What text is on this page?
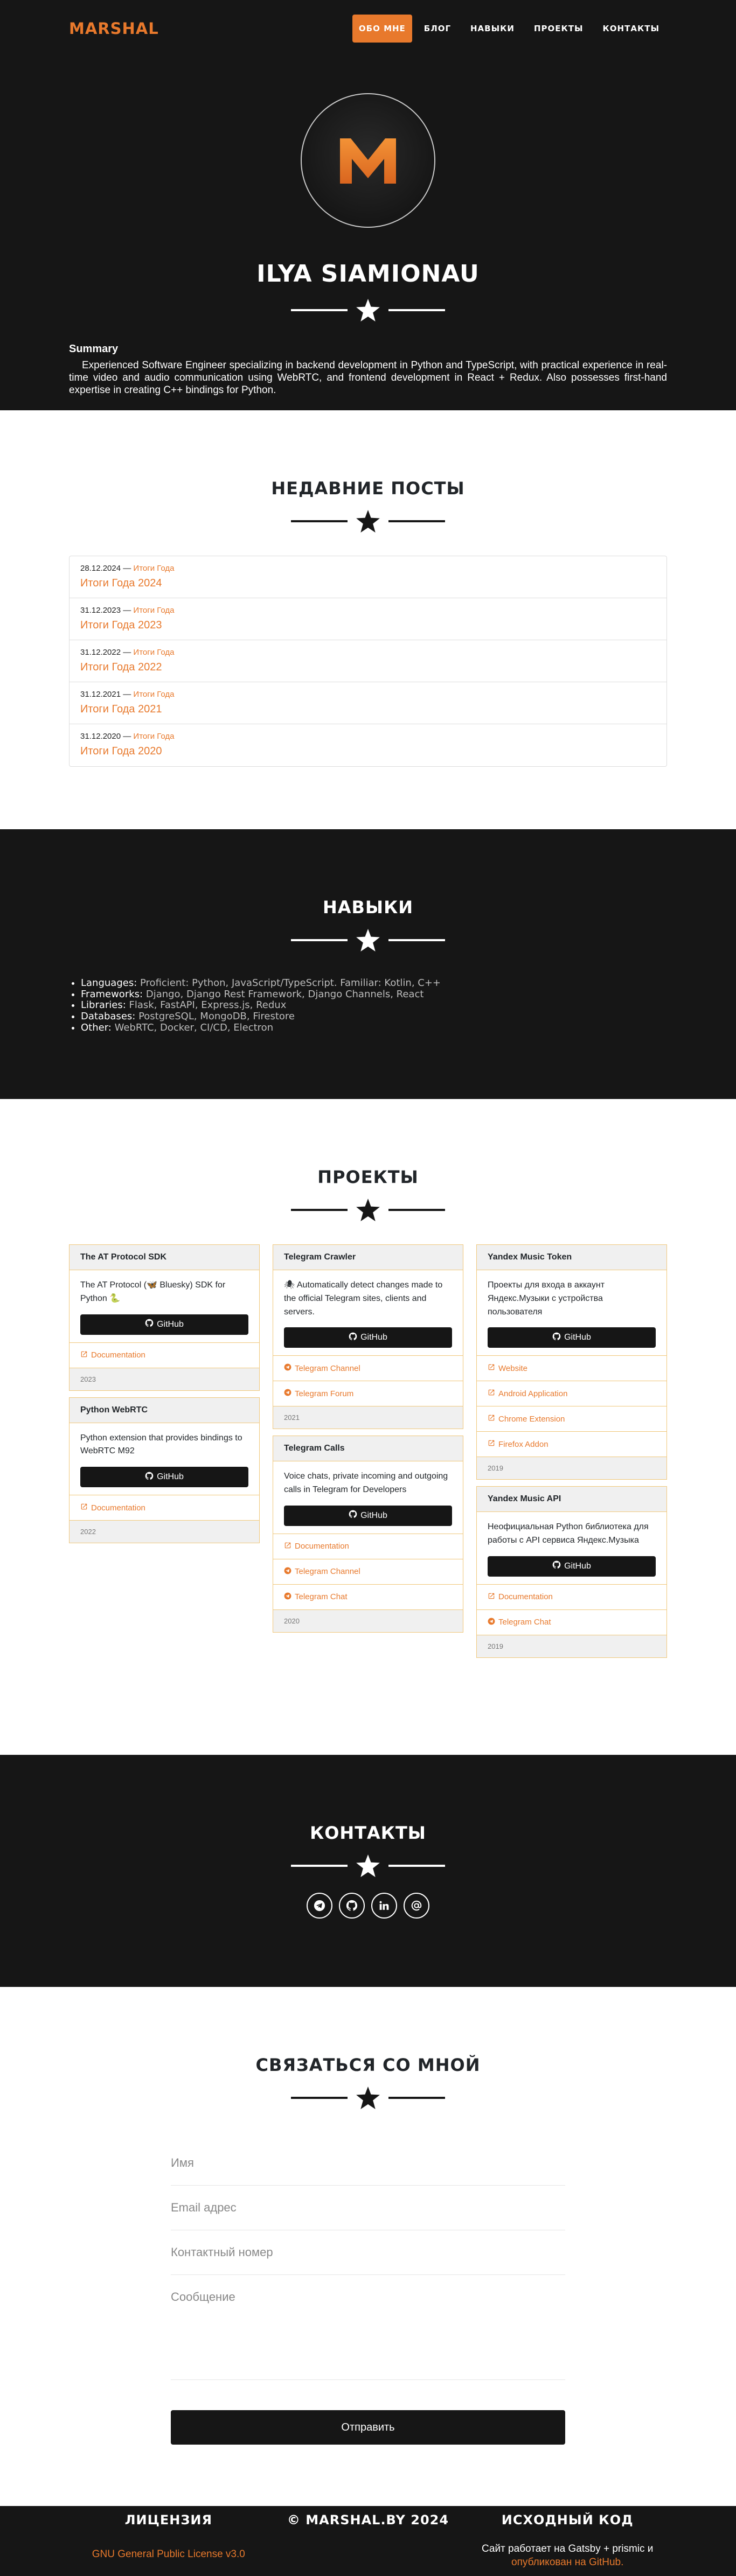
MARSHAL	ОБО МНЕ	БЛОГ	НАВЫКИ	ПРОЕКТЫ	КОНТАКТЫ
ILYA SIAMIONAU
Summary

Experienced Software Engineer specializing in backend development in Python and TypeScript, with practical experience in real-time video and audio communication using WebRTC, and frontend development in React + Redux. Also possesses first-hand expertise in creating C++ bindings for Python.

НЕДАВНИЕ ПОСТЫ
28.12.2024 — Итоги Года
Итоги Года 2024
31.12.2023 — Итоги Года
Итоги Года 2023
31.12.2022 — Итоги Года
Итоги Года 2022
31.12.2021 — Итоги Года
Итоги Года 2021
31.12.2020 — Итоги Года
Итоги Года 2020
НАВЫКИ
• Languages: Proficient: Python, JavaScript/TypeScript. Familiar: Kotlin, C++
• Frameworks: Django, Django Rest Framework, Django Channels, React
• Libraries: Flask, FastAPI, Express.js, Redux
• Databases: PostgreSQL, MongoDB, Firestore
• Other: WebRTC, Docker, CI/CD, Electron
ПРОЕКТЫ
The AT Protocol SDK
The AT Protocol (🦋 Bluesky) SDK for Python 🐍
GitHub
Documentation
2023
Python WebRTC
Python extension that provides bindings to WebRTC M92
GitHub
Documentation
2022
Telegram Crawler
🕷 Automatically detect changes made to the official Telegram sites, clients and servers.
GitHub
Telegram Channel
Telegram Forum
2021
Telegram Calls
Voice chats, private incoming and outgoing calls in Telegram for Developers
GitHub
Documentation
Telegram Channel
Telegram Chat
2020
Yandex Music Token
Проекты для входа в аккаунт Яндекс.Музыки с устройства пользователя
GitHub
Website
Android Application
Chrome Extension
Firefox Addon
2019
Yandex Music API
Неофициальная Python библиотека для работы с API сервиса Яндекс.Музыка
GitHub
Documentation
Telegram Chat
2019
КОНТАКТЫ
СВЯЗАТЬСЯ СО МНОЙ
Имя
Email адрес
Контактный номер
Сообщение
Отправить
ЛИЦЕНЗИЯ
GNU General Public License v3.0
© MARSHAL.BY 2024	ИСХОДНЫЙ КОД
Сайт работает на Gatsby + prismic и
опубликован на GitHub.
